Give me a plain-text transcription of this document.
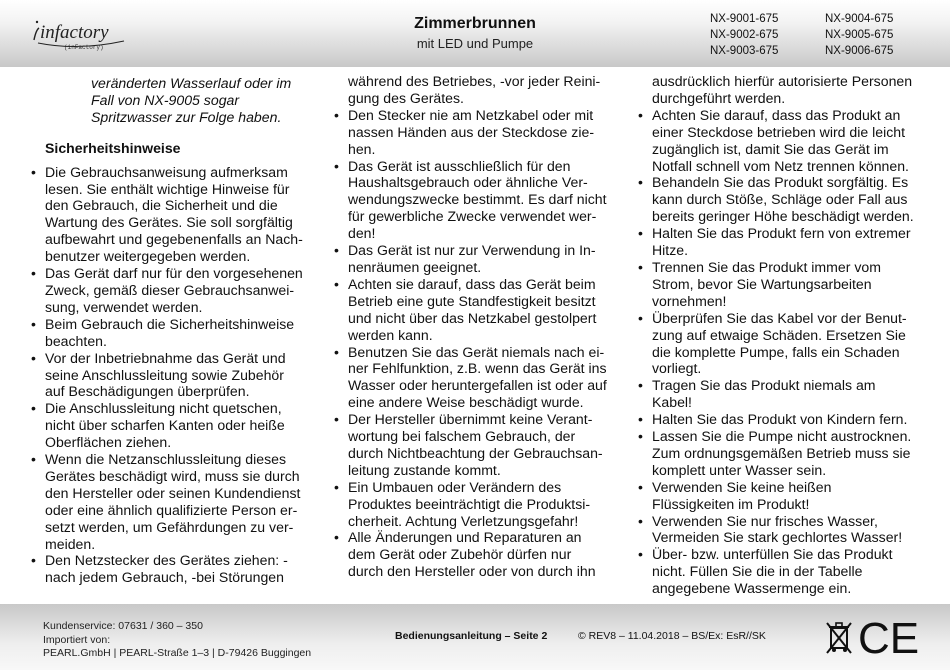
infactory
(inFactory)
Zimmerbrunnen
mit LED und Pumpe
NX-9001-675
NX-9002-675
NX-9003-675
NX-9004-675
NX-9005-675
NX-9006-675
veränderten Wasserlauf oder im
Fall von NX-9005 sogar
Spritzwasser zur Folge haben.
Sicherheitshinweise
• Die Gebrauchsanweisung aufmerksam
lesen. Sie enthält wichtige Hinweise für
den Gebrauch, die Sicherheit und die
Wartung des Gerätes. Sie soll sorgfältig
aufbewahrt und gegebenenfalls an Nach-
benutzer weitergegeben werden.
• Das Gerät darf nur für den vorgesehenen
Zweck, gemäß dieser Gebrauchsanwei-
sung, verwendet werden.
• Beim Gebrauch die Sicherheitshinweise
beachten.
• Vor der Inbetriebnahme das Gerät und
seine Anschlussleitung sowie Zubehör
auf Beschädigungen überprüfen.
• Die Anschlussleitung nicht quetschen,
nicht über scharfen Kanten oder heiße
Oberflächen ziehen.
• Wenn die Netzanschlussleitung dieses
Gerätes beschädigt wird, muss sie durch
den Hersteller oder seinen Kundendienst
oder eine ähnlich qualifizierte Person er-
setzt werden, um Gefährdungen zu ver-
meiden.
• Den Netzstecker des Gerätes ziehen: -
nach jedem Gebrauch, -bei Störungen
während des Betriebes, -vor jeder Reini-
gung des Gerätes.
• Den Stecker nie am Netzkabel oder mit
nassen Händen aus der Steckdose zie-
hen.
• Das Gerät ist ausschließlich für den
Haushaltsgebrauch oder ähnliche Ver-
wendungszwecke bestimmt. Es darf nicht
für gewerbliche Zwecke verwendet wer-
den!
• Das Gerät ist nur zur Verwendung in In-
nenräumen geeignet.
• Achten sie darauf, dass das Gerät beim
Betrieb eine gute Standfestigkeit besitzt
und nicht über das Netzkabel gestolpert
werden kann.
• Benutzen Sie das Gerät niemals nach ei-
ner Fehlfunktion, z.B. wenn das Gerät ins
Wasser oder heruntergefallen ist oder auf
eine andere Weise beschädigt wurde.
• Der Hersteller übernimmt keine Verant-
wortung bei falschem Gebrauch, der
durch Nichtbeachtung der Gebrauchsan-
leitung zustande kommt.
• Ein Umbauen oder Verändern des
Produktes beeinträchtigt die Produktsi-
cherheit. Achtung Verletzungsgefahr!
• Alle Änderungen und Reparaturen an
dem Gerät oder Zubehör dürfen nur
durch den Hersteller oder von durch ihn
ausdrücklich hierfür autorisierte Personen
durchgeführt werden.
• Achten Sie darauf, dass das Produkt an
einer Steckdose betrieben wird die leicht
zugänglich ist, damit Sie das Gerät im
Notfall schnell vom Netz trennen können.
• Behandeln Sie das Produkt sorgfältig. Es
kann durch Stöße, Schläge oder Fall aus
bereits geringer Höhe beschädigt werden.
• Halten Sie das Produkt fern von extremer
Hitze.
• Trennen Sie das Produkt immer vom
Strom, bevor Sie Wartungsarbeiten
vornehmen!
• Überprüfen Sie das Kabel vor der Benut-
zung auf etwaige Schäden. Ersetzen Sie
die komplette Pumpe, falls ein Schaden
vorliegt.
• Tragen Sie das Produkt niemals am
Kabel!
• Halten Sie das Produkt von Kindern fern.
• Lassen Sie die Pumpe nicht austrocknen.
Zum ordnungsgemäßen Betrieb muss sie
komplett unter Wasser sein.
• Verwenden Sie keine heißen
Flüssigkeiten im Produkt!
• Verwenden Sie nur frisches Wasser,
Vermeiden Sie stark gechlortes Wasser!
• Über- bzw. unterfüllen Sie das Produkt
nicht. Füllen Sie die in der Tabelle
angegebene Wassermenge ein.
Kundenservice: 07631 / 360 – 350
Importiert von:
PEARL.GmbH | PEARL-Straße 1–3 | D-79426 Buggingen
Bedienungsanleitung – Seite 2	© REV8 – 11.04.2018 – BS/Ex: EsR//SK CE
